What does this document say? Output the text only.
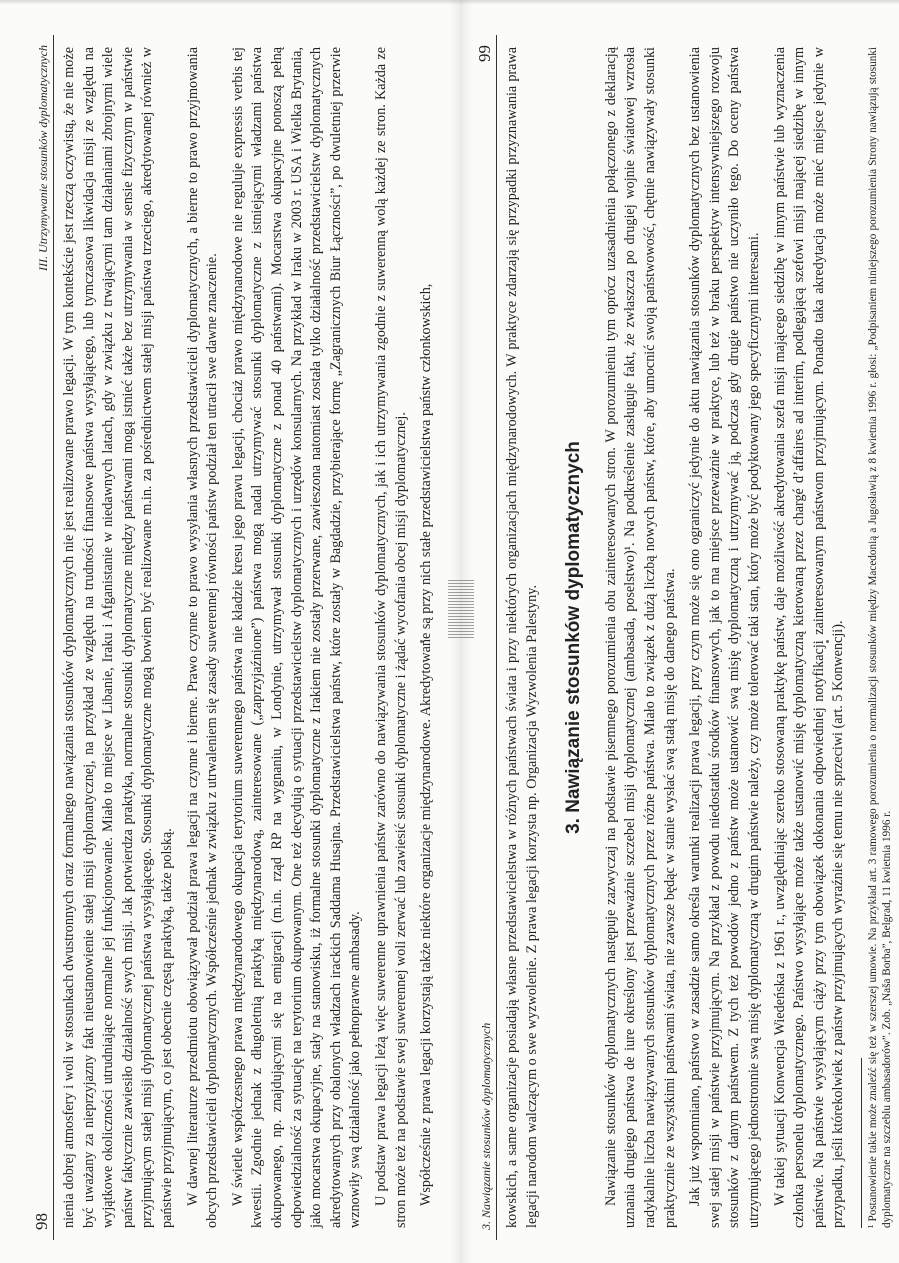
98
III. Utrzymywanie stosunków dyplomatycznych nienia dobrej atmosfery i woli w stosunkach dwustronnych oraz formalnego nawiązania stosunków dyplomatycznych nie jest realizowane prawo legacji. W tym kontekście jest rzeczą oczywistą, że nie może być uważany za nieprzyjazny fakt nieustanowienie stałej misji dyplomatycznej, na przykład ze względu na trudności finansowe państwa wysyłającego, lub tymczasowa likwidacja misji ze względu na wyjątkowe okoliczności utrudniające normalne jej funkcjonowanie. Miało to miejsce w Libanie, Iraku i Afganistanie w niedawnych latach, gdy w związku z trwającymi tam działaniami zbrojnymi wiele państw faktycznie zawiesiło działalność swych misji. Jak potwierdza praktyka, normalne stosunki dyplomatyczne między państwami mogą istnieć także bez utrzymywania w sensie fizycznym w państwie przyjmującym stałej misji dyplomatycznej państwa wysyłającego. Stosunki dyplomatyczne mogą bowiem być realizowane m.in. za pośrednictwem stałej misji państwa trzeciego, akredytowanej również w państwie przyjmującym, co jest obecnie częstą praktyką, także polską. W dawnej literaturze przedmiotu obowiązywał podział prawa legacji na czynne i bierne. Prawo czynne to prawo wysyłania własnych przedstawicieli dyplomatycznych, a bierne to prawo przyjmowania obcych przedstawicieli dyplomatycznych. Współcześnie jednak w związku z utrwaleniem się zasady suwerennej równości państw podział ten utracił swe dawne znaczenie. W świetle współczesnego prawa międzynarodowego okupacja terytorium suwerennego państwa nie kładzie kresu jego prawu legacji, chociaż prawo międzynarodowe nie reguluje expressis verbis tej kwestii. Zgodnie jednak z długoletnią praktyką międzynarodową, zainteresowane („zaprzyjaźnione”) państwa mogą nadal utrzymywać stosunki dyplomatyczne z istniejącymi władzami państwa okupowanego, np. znajdującymi się na emigracji (m.in. rząd RP na wygnaniu, w Londynie, utrzymywał stosunki dyplomatyczne z ponad 40 państwami). Mocarstwa okupacyjne ponoszą pełną odpowiedzialność za sytuację na terytorium okupowanym. One też decydują o sytuacji przedstawicielstw dyplomatycznych i urzędów konsularnych. Na przykład w Iraku w 2003 r. USA i Wielka Brytania, jako mocarstwa okupacyjne, stały na stanowisku, iż formalne stosunki dyplomatyczne z Irakiem nie zostały przerwane, zawieszona natomiast została tylko działalność przedstawicielstw dyplomatycznych akredytowanych przy obalonych władzach irackich Saddama Husajna. Przedstawicielstwa państw, które zostały w Bagdadzie, przybierające formę „Zagranicznych Biur Łączności”, po dwuletniej przerwie wznowiły swą działalność jako pełnoprawne ambasady. U podstaw prawa legacji leżą więc suwerenne uprawnienia państw zarówno do nawiązywania stosunków dyplomatycznych, jak i ich utrzymywania zgodnie z suwerenną wolą każdej ze stron. Każda ze stron może też na podstawie swej suwerennej woli zerwać lub zawiesić stosunki dyplomatyczne i żądać wycofania obcej misji dyplomatycznej. Współcześnie z prawa legacji korzystają także niektóre organizacje międzynarodowe. Akredytowane są przy nich stałe przedstawicielstwa państw członkowskich,	3. Nawiązanie stosunków dyplomatycznych
99 kowskich, a same organizacje posiadają własne przedstawicielstwa w różnych państwach świata i przy niektórych organizacjach międzynarodowych. W praktyce zdarzają się przypadki przyznawania prawa legacji narodom walczącym o swe wyzwolenie. Z prawa legacji korzysta np. Organizacja Wyzwolenia Palestyny. 3. Nawiązanie stosunków dyplomatycznych Nawiązanie stosunków dyplomatycznych następuje zazwyczaj na podstawie pisemnego porozumienia obu zainteresowanych stron. W porozumieniu tym oprócz uzasadnienia połączonego z deklaracją uznania drugiego państwa de iure określony jest przeważnie szczebel misji dyplomatycznej (ambasada, poselstwo)¹. Na podkreślenie zasługuje fakt, że zwłaszcza po drugiej wojnie światowej wzrosła radykalnie liczba nawiązywanych stosunków dyplomatycznych przez różne państwa. Miało to związek z dużą liczbą nowych państw, które, aby umocnić swoją państwowość, chętnie nawiązywały stosunki praktycznie ze wszystkimi państwami świata, nie zawsze będąc w stanie wysłać swą stałą misję do danego państwa. Jak już wspomniano, państwo w zasadzie samo określa warunki realizacji prawa legacji, przy czym może się ono ograniczyć jedynie do aktu nawiązania stosunków dyplomatycznych bez ustanowienia swej stałej misji w państwie przyjmującym. Na przykład z powodu niedostatku środków finansowych, jak to ma miejsce przeważnie w praktyce, lub też w braku perspektyw intensywniejszego rozwoju stosunków z danym państwem. Z tych też powodów jedno z państw może ustanowić swą misję dyplomatyczną i utrzymywać ją, podczas gdy drugie państwo nie uczyniło tego. Do oceny państwa utrzymującego jednostronnie swą misję dyplomatyczną w drugim państwie należy, czy może tolerować taki stan, który może być podyktowany jego specyficznymi interesami. W takiej sytuacji Konwencja Wiedeńska z 1961 r., uwzględniając szeroko stosowaną praktykę państw, daje możliwość akredytowania szefa misji mającego siedzibę w innym państwie lub wyznaczenia członka personelu dyplomatycznego. Państwo wysyłające może także ustanowić misję dyplomatyczną kierowaną przez chargé d’affaires ad interim, podlegającą szefowi misji mającej siedzibę w innym państwie. Na państwie wysyłającym ciąży przy tym obowiązek dokonania odpowiedniej notyfikacji zainteresowanym państwom przyjmującym. Ponadto taka akredytacja może mieć miejsce jedynie w przypadku, jeśli którekolwiek z państw przyjmujących wyraźnie się temu nie sprzeciwi (art. 5 Konwencji). ¹ Postanowienie takie może znaleźć się też w szerszej umowie. Na przykład art. 3 ramowego porozumienia o normalizacji stosunków między Macedonią a Jugosławią z 8 kwietnia 1996 r. głosi: „Podpisaniem niniejszego porozumienia Strony nawiązują stosunki dyplomatyczne na szczeblu ambasadorów”. Zob. „Naša Borba”, Belgrad, 11 kwietnia 1996 r.
